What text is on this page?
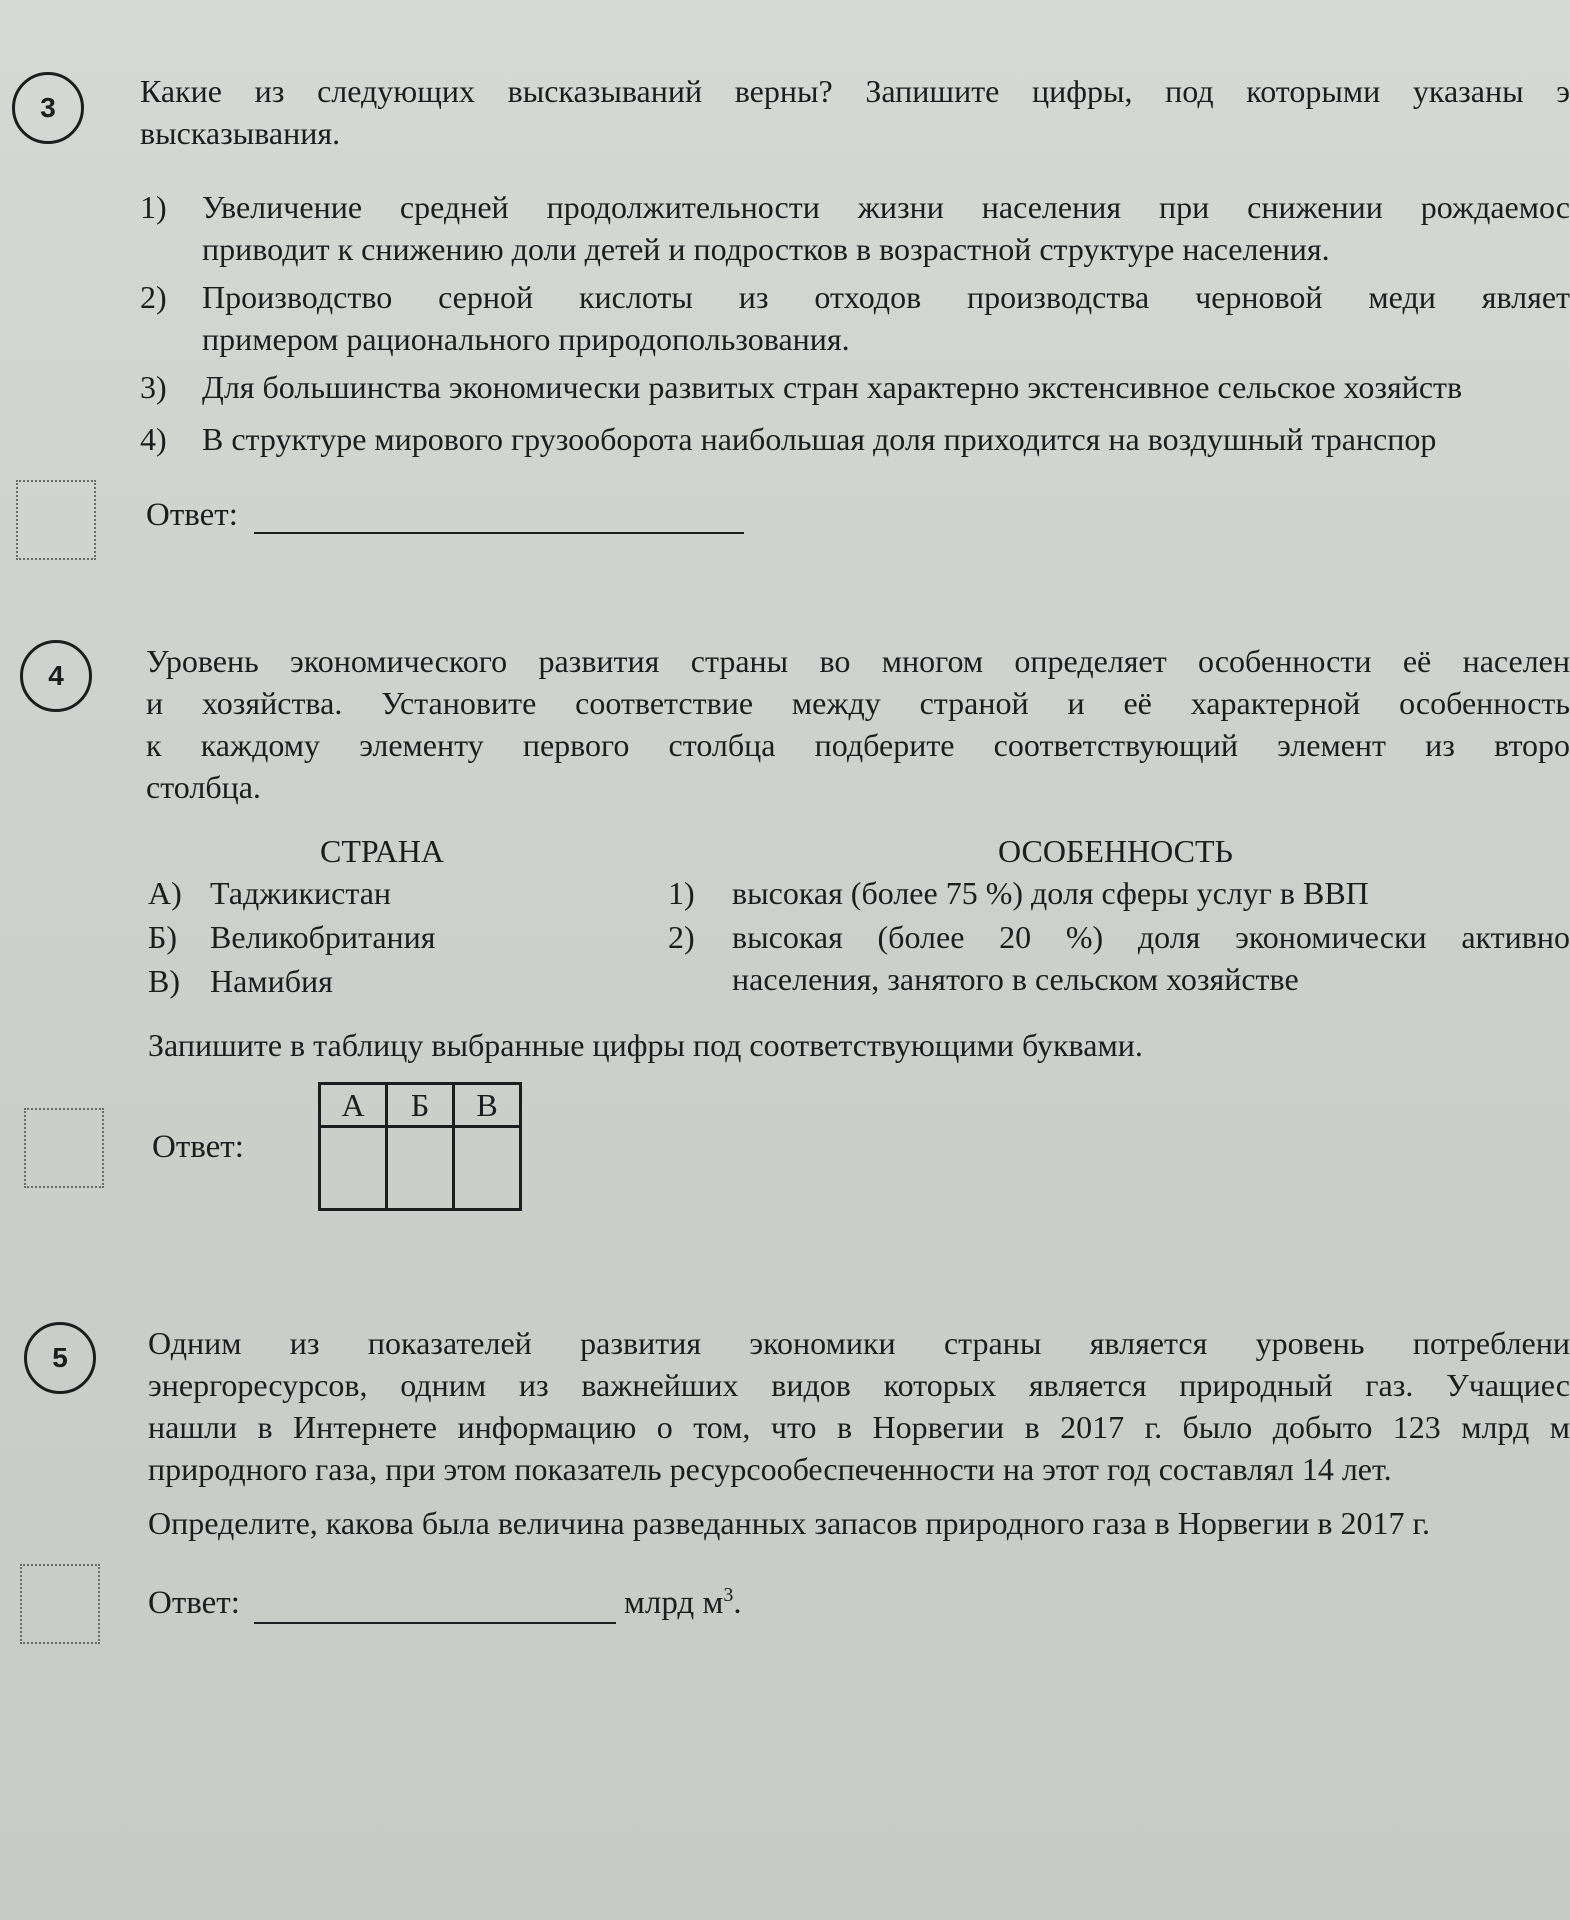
3	Какие из следующих высказываний верны? Запишите цифры, под которыми указаны э
высказывания.
1) Увеличение средней продолжительности жизни населения при снижении рождаемос
приводит к снижению доли детей и подростков в возрастной структуре населения.
2) Производство серной кислоты из отходов производства черновой меди являет
примером рационального природопользования.
3) Для большинства экономически развитых стран характерно экстенсивное сельское хозяйств
4) В структуре мирового грузооборота наибольшая доля приходится на воздушный транспор
Ответ:
4	Уровень экономического развития страны во многом определяет особенности её населен
и хозяйства. Установите соответствие между страной и её характерной особенность
к каждому элементу первого столбца подберите соответствующий элемент из второ
столбца.
СТРАНА	ОСОБЕННОСТЬ
А) Таджикистан
Б) Великобритания
В) Намибия
1) высокая (более 75 %) доля сферы услуг в ВВП
2) высокая (более 20 %) доля экономически активно
населения, занятого в сельском хозяйстве
Запишите в таблицу выбранные цифры под соответствующими буквами.
Ответ:
А	Б	В

5	Одним из показателей развития экономики страны является уровень потреблени
энергоресурсов, одним из важнейших видов которых является природный газ. Учащиес
нашли в Интернете информацию о том, что в Норвегии в 2017 г. было добыто 123 млрд м
природного газа, при этом показатель ресурсообеспеченности на этот год составлял 14 лет.
Определите, какова была величина разведанных запасов природного газа в Норвегии в 2017 г.
Ответ:	млрд $м^3$.
